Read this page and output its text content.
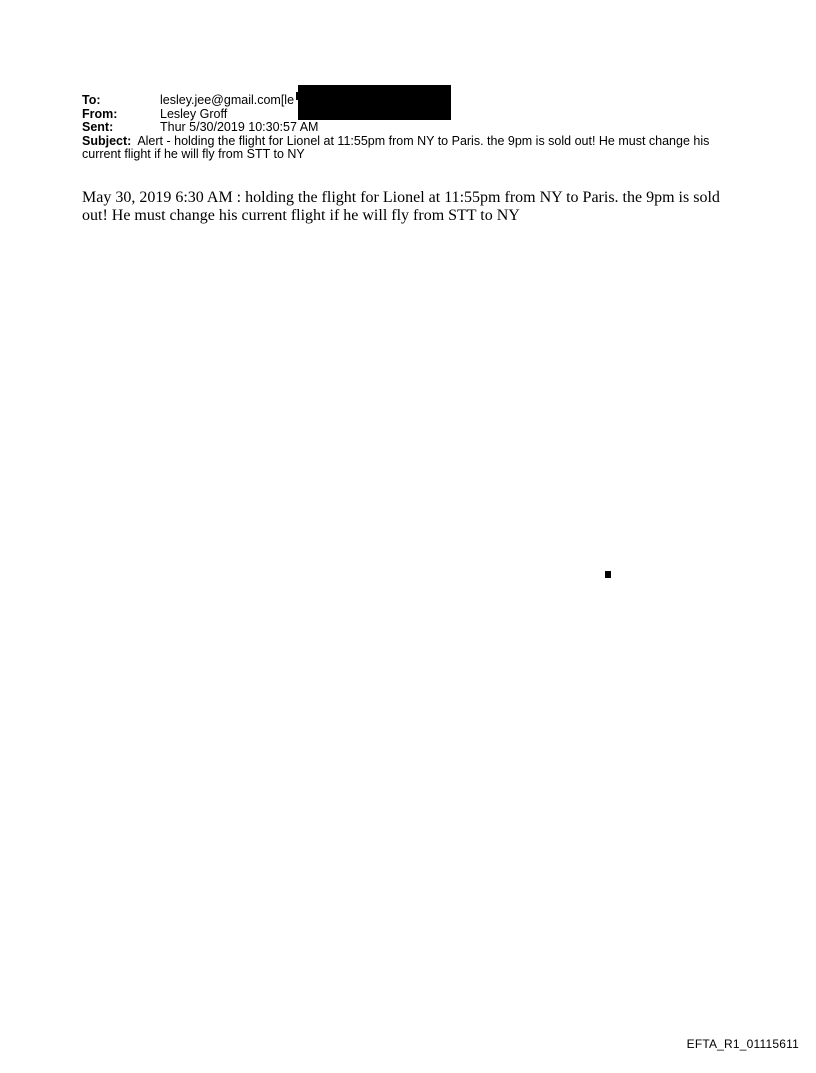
To:	lesley.jee@gmail.com[le
From:	Lesley Groff
Sent:	Thur 5/30/2019 10:30:57 AM
Subject: Alert - holding the flight for Lionel at 11:55pm from NY to Paris. the 9pm is sold out! He must change his current flight if he will fly from STT to NY
May 30, 2019 6:30 AM : holding the flight for Lionel at 11:55pm from NY to Paris. the 9pm is sold out! He must change his current flight if he will fly from STT to NY
EFTA_R1_01115611
